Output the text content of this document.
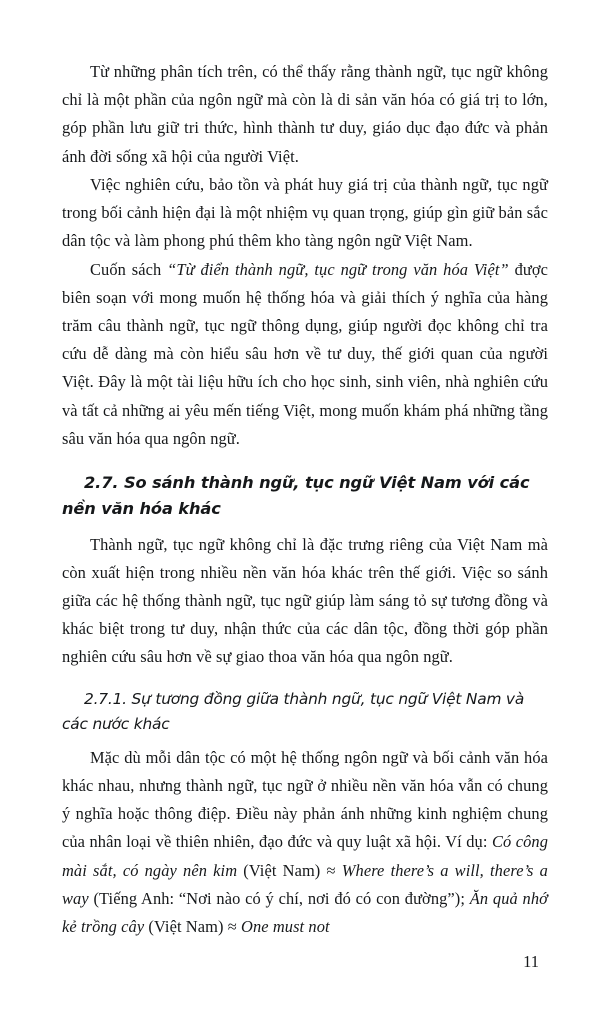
Từ những phân tích trên, có thể thấy rằng thành ngữ, tục ngữ không chỉ là một phần của ngôn ngữ mà còn là di sản văn hóa có giá trị to lớn, góp phần lưu giữ tri thức, hình thành tư duy, giáo dục đạo đức và phản ánh đời sống xã hội của người Việt.

Việc nghiên cứu, bảo tồn và phát huy giá trị của thành ngữ, tục ngữ trong bối cảnh hiện đại là một nhiệm vụ quan trọng, giúp gìn giữ bản sắc dân tộc và làm phong phú thêm kho tàng ngôn ngữ Việt Nam.

Cuốn sách “Từ điển thành ngữ, tục ngữ trong văn hóa Việt” được biên soạn với mong muốn hệ thống hóa và giải thích ý nghĩa của hàng trăm câu thành ngữ, tục ngữ thông dụng, giúp người đọc không chỉ tra cứu dễ dàng mà còn hiểu sâu hơn về tư duy, thế giới quan của người Việt. Đây là một tài liệu hữu ích cho học sinh, sinh viên, nhà nghiên cứu và tất cả những ai yêu mến tiếng Việt, mong muốn khám phá những tầng sâu văn hóa qua ngôn ngữ.

2.7. So sánh thành ngữ, tục ngữ Việt Nam với các nền văn hóa khác

Thành ngữ, tục ngữ không chỉ là đặc trưng riêng của Việt Nam mà còn xuất hiện trong nhiều nền văn hóa khác trên thế giới. Việc so sánh giữa các hệ thống thành ngữ, tục ngữ giúp làm sáng tỏ sự tương đồng và khác biệt trong tư duy, nhận thức của các dân tộc, đồng thời góp phần nghiên cứu sâu hơn về sự giao thoa văn hóa qua ngôn ngữ.

2.7.1. Sự tương đồng giữa thành ngữ, tục ngữ Việt Nam và các nước khác

Mặc dù mỗi dân tộc có một hệ thống ngôn ngữ và bối cảnh văn hóa khác nhau, nhưng thành ngữ, tục ngữ ở nhiều nền văn hóa vẫn có chung ý nghĩa hoặc thông điệp. Điều này phản ánh những kinh nghiệm chung của nhân loại về thiên nhiên, đạo đức và quy luật xã hội. Ví dụ: Có công mài sắt, có ngày nên kim (Việt Nam) ≈ Where there’s a will, there’s a way (Tiếng Anh: “Nơi nào có ý chí, nơi đó có con đường”); Ăn quả nhớ kẻ trồng cây (Việt Nam) ≈ One must not

11
